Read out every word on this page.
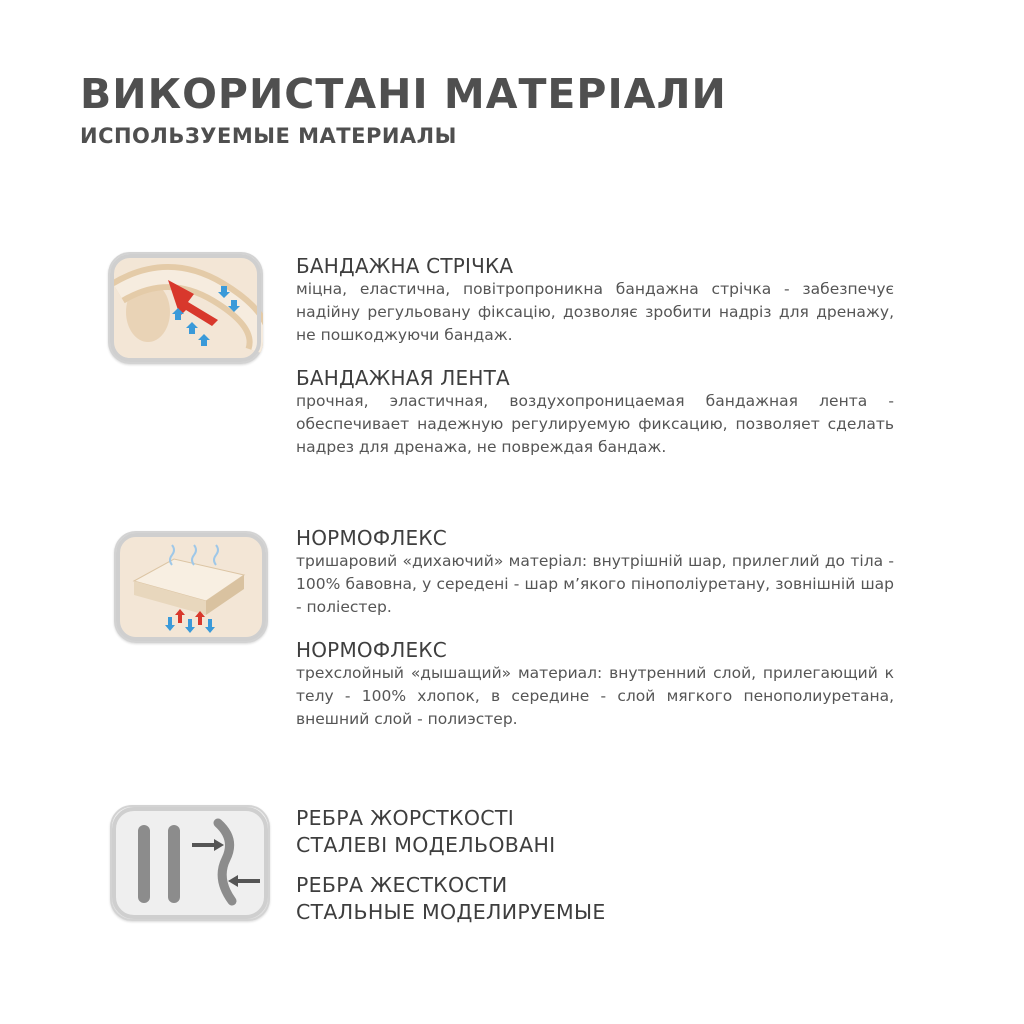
ВИКОРИСТАНІ МАТЕРІАЛИ
ИСПОЛЬЗУЕМЫЕ МАТЕРИАЛЫ
БАНДАЖНА СТРІЧКА
міцна, еластична, повітропроникна бандажна стрічка - забезпечує надійну регульовану фіксацію, дозволяє зробити надріз для дренажу, не пошкоджуючи бандаж.
БАНДАЖНАЯ ЛЕНТА
прочная, эластичная, воздухопроницаемая бандажная лента - обеспечивает надежную регулируемую фиксацию, позволяет сделать надрез для дренажа, не повреждая бандаж.
НОРМОФЛЕКС
тришаровий «дихаючий» матеріал: внутрішній шар, прилеглий до тіла - 100% бавовна, у середені - шар м’якого пінополіуретану, зовнішній шар - поліестер.
НОРМОФЛЕКС
трехслойный «дышащий» материал: внутренний слой, прилегающий к телу - 100% хлопок, в середине - слой мягкого пенополиуретана, внешний слой - полиэстер.
РЕБРА ЖОРСТКОСТІ
СТАЛЕВІ МОДЕЛЬОВАНІ
РЕБРА ЖЕСТКОСТИ
СТАЛЬНЫЕ МОДЕЛИРУЕМЫЕ
